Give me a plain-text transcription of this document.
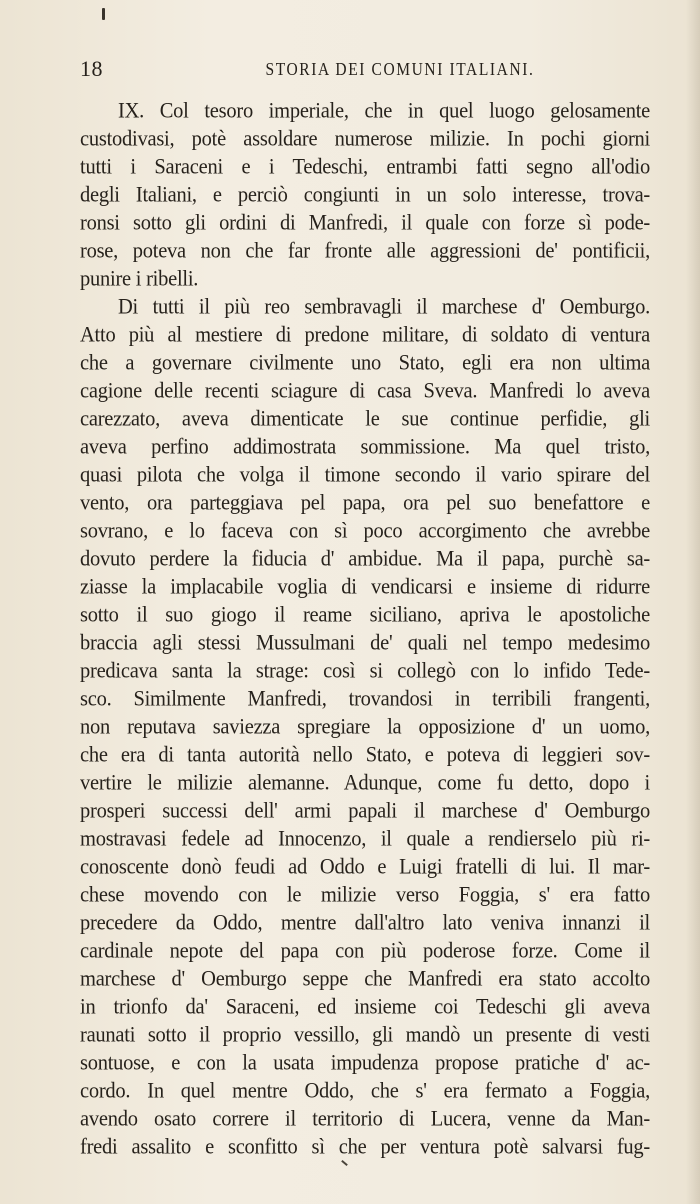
18	STORIA DEI COMUNI ITALIANI.
IX. Col tesoro imperiale, che in quel luogo gelosamente
custodivasi, potè assoldare numerose milizie. In pochi giorni
tutti i Saraceni e i Tedeschi, entrambi fatti segno all'odio
degli Italiani, e perciò congiunti in un solo interesse, trova-
ronsi sotto gli ordini di Manfredi, il quale con forze sì pode-
rose, poteva non che far fronte alle aggressioni de' pontificii,
punire i ribelli.
Di tutti il più reo sembravagli il marchese d' Oemburgo.
Atto più al mestiere di predone militare, di soldato di ventura
che a governare civilmente uno Stato, egli era non ultima
cagione delle recenti sciagure di casa Sveva. Manfredi lo aveva
carezzato, aveva dimenticate le sue continue perfidie, gli
aveva perfino addimostrata sommissione. Ma quel tristo,
quasi pilota che volga il timone secondo il vario spirare del
vento, ora parteggiava pel papa, ora pel suo benefattore e
sovrano, e lo faceva con sì poco accorgimento che avrebbe
dovuto perdere la fiducia d' ambidue. Ma il papa, purchè sa-
ziasse la implacabile voglia di vendicarsi e insieme di ridurre
sotto il suo giogo il reame siciliano, apriva le apostoliche
braccia agli stessi Mussulmani de' quali nel tempo medesimo
predicava santa la strage: così si collegò con lo infido Tede-
sco. Similmente Manfredi, trovandosi in terribili frangenti,
non reputava saviezza spregiare la opposizione d' un uomo,
che era di tanta autorità nello Stato, e poteva di leggieri sov-
vertire le milizie alemanne. Adunque, come fu detto, dopo i
prosperi successi dell' armi papali il marchese d' Oemburgo
mostravasi fedele ad Innocenzo, il quale a rendierselo più ri-
conoscente donò feudi ad Oddo e Luigi fratelli di lui. Il mar-
chese movendo con le milizie verso Foggia, s' era fatto
precedere da Oddo, mentre dall'altro lato veniva innanzi il
cardinale nepote del papa con più poderose forze. Come il
marchese d' Oemburgo seppe che Manfredi era stato accolto
in trionfo da' Saraceni, ed insieme coi Tedeschi gli aveva
raunati sotto il proprio vessillo, gli mandò un presente di vesti
sontuose, e con la usata impudenza propose pratiche d' ac-
cordo. In quel mentre Oddo, che s' era fermato a Foggia,
avendo osato correre il territorio di Lucera, venne da Man-
fredi assalito e sconfitto sì che per ventura potè salvarsi fug-
